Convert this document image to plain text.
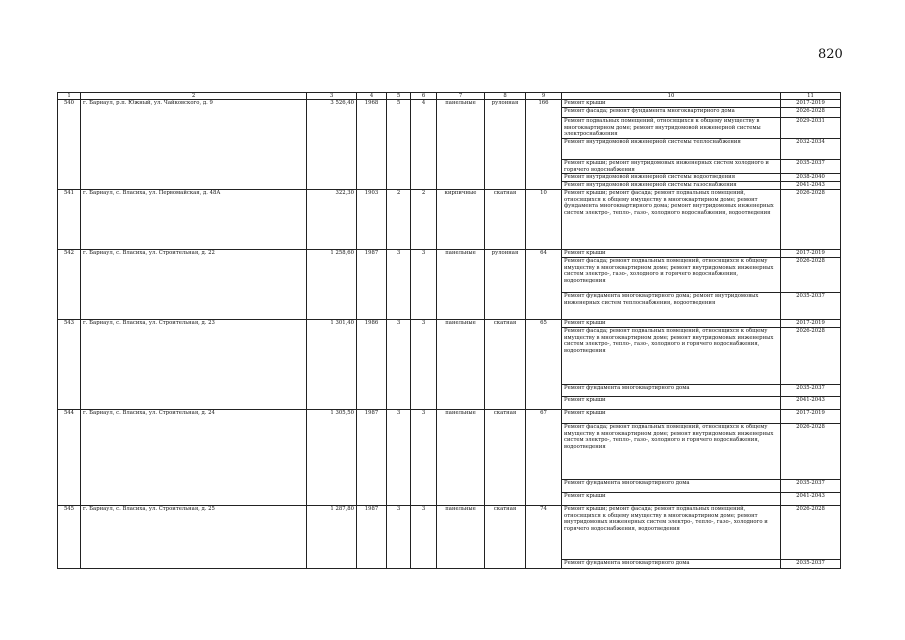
820
1	2	3	4	5	6	7	8	9	10	11
540	г. Барнаул, р.п. Южный, ул. Чайковского, д. 9	3 526,40	1968	5	4	панельные	рулонная	166	Ремонт крыши	2017-2019
									Ремонт фасада; ремонт фундамента многоквартирного дома	2026-2028
									Ремонт подвальных помещений, относящихся к общему имуществу в многоквартирном доме; ремонт внутридомовой инженерной системы электроснабжения	2029-2031
									Ремонт внутридомовой инженерной системы теплоснабжения	2032-2034
									Ремонт крыши; ремонт внутридомовых инженерных систем холодного и горячего водоснабжения	2035-2037
									Ремонт внутридомовой инженерной системы водоотведения	2038-2040
									Ремонт внутридомовой инженерной системы газоснабжения	2041-2043
541	г. Барнаул, с. Власиха, ул. Первомайская, д. 48А	322,30	1903	2	2	кирпичные	скатная	10	Ремонт крыши; ремонт фасада; ремонт подвальных помещений, относящихся к общему имуществу в многоквартирном доме; ремонт фундамента многоквартирного дома; ремонт внутридомовых инженерных систем электро-, тепло-, газо-, холодного водоснабжения, водоотведения	2026-2028
542	г. Барнаул, с. Власиха, ул. Строительная, д. 22	1 258,60	1987	3	3	панельные	рулонная	64	Ремонт крыши	2017-2019
									Ремонт фасада; ремонт подвальных помещений, относящихся к общему имуществу в многоквартирном доме; ремонт внутридомовых инженерных систем электро-, газо-, холодного и горячего водоснабжения, водоотведения	2026-2028
									Ремонт фундамента многоквартирного дома; ремонт внутридомовых инженерных систем теплоснабжения, водоотведения	2035-2037
543	г. Барнаул, с. Власиха, ул. Строительная, д. 23	1 301,40	1986	3	3	панельные	скатная	65	Ремонт крыши	2017-2019
									Ремонт фасада; ремонт подвальных помещений, относящихся к общему имуществу в многоквартирном доме; ремонт внутридомовых инженерных систем электро-, тепло-, газо-, холодного и горячего водоснабжения, водоотведения	2026-2028
									Ремонт фундамента многоквартирного дома	2035-2037
									Ремонт крыши	2041-2043
544	г. Барнаул, с. Власиха, ул. Строительная, д. 24	1 305,50	1987	3	3	панельные	скатная	67	Ремонт крыши	2017-2019
									Ремонт фасада; ремонт подвальных помещений, относящихся к общему имуществу в многоквартирном доме; ремонт внутридомовых инженерных систем электро-, тепло-, газо-, холодного и горячего водоснабжения, водоотведения	2026-2028
									Ремонт фундамента многоквартирного дома	2035-2037
									Ремонт крыши	2041-2043
545	г. Барнаул, с. Власиха, ул. Строительная, д. 25	1 287,80	1987	3	3	панельные	скатная	74	Ремонт крыши; ремонт фасада; ремонт подвальных помещений, относящихся к общему имуществу в многоквартирном доме; ремонт внутридомовых инженерных систем электро-, тепло-, газо-, холодного и горячего водоснабжения, водоотведения	2026-2028
									Ремонт фундамента многоквартирного дома	2035-2037
